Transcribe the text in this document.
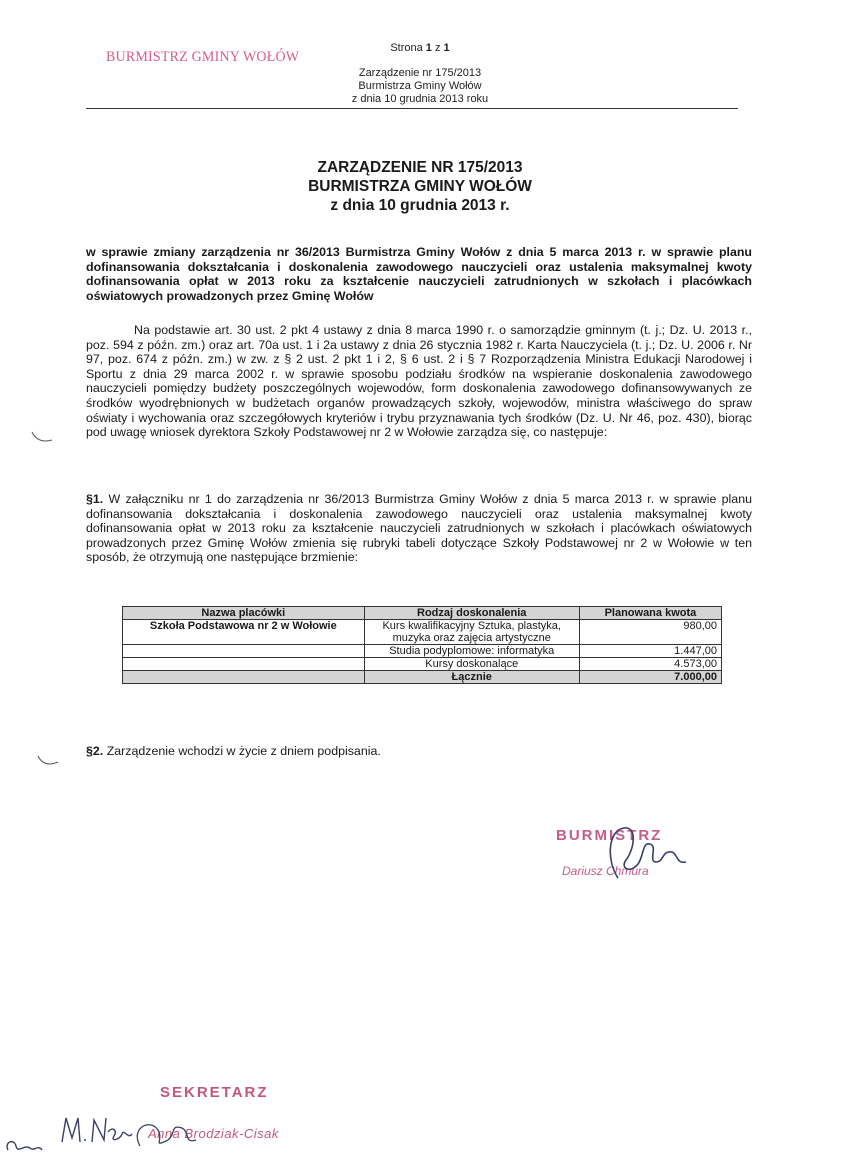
BURMISTRZ GMINY WOŁÓW
Strona 1 z 1
Zarządzenie nr 175/2013
Burmistrza Gminy Wołów
z dnia 10 grudnia 2013 roku
ZARZĄDZENIE NR 175/2013
BURMISTRZA GMINY WOŁÓW
z dnia 10 grudnia 2013 r.
w sprawie zmiany zarządzenia nr 36/2013 Burmistrza Gminy Wołów z dnia 5 marca 2013 r. w sprawie planu dofinansowania dokształcania i doskonalenia zawodowego nauczycieli oraz ustalenia maksymalnej kwoty dofinansowania opłat w 2013 roku za kształcenie nauczycieli zatrudnionych w szkołach i placówkach oświatowych prowadzonych przez Gminę Wołów
Na podstawie art. 30 ust. 2 pkt 4 ustawy z dnia 8 marca 1990 r. o samorządzie gminnym (t. j.; Dz. U. 2013 r., poz. 594 z późn. zm.) oraz art. 70a ust. 1 i 2a ustawy z dnia 26 stycznia 1982 r. Karta Nauczyciela (t. j.; Dz. U. 2006 r. Nr 97, poz. 674 z późn. zm.) w zw. z § 2 ust. 2 pkt 1 i 2, § 6 ust. 2 i § 7 Rozporządzenia Ministra Edukacji Narodowej i Sportu z dnia 29 marca 2002 r. w sprawie sposobu podziału środków na wspieranie doskonalenia zawodowego nauczycieli pomiędzy budżety poszczególnych wojewodów, form doskonalenia zawodowego dofinansowywanych ze środków wyodrębnionych w budżetach organów prowadzących szkoły, wojewodów, ministra właściwego do spraw oświaty i wychowania oraz szczegółowych kryteriów i trybu przyznawania tych środków (Dz. U. Nr 46, poz. 430), biorąc pod uwagę wniosek dyrektora Szkoły Podstawowej nr 2 w Wołowie zarządza się, co następuje:
§1. W załączniku nr 1 do zarządzenia nr 36/2013 Burmistrza Gminy Wołów z dnia 5 marca 2013 r. w sprawie planu dofinansowania dokształcania i doskonalenia zawodowego nauczycieli oraz ustalenia maksymalnej kwoty dofinansowania opłat w 2013 roku za kształcenie nauczycieli zatrudnionych w szkołach i placówkach oświatowych prowadzonych przez Gminę Wołów zmienia się rubryki tabeli dotyczące Szkoły Podstawowej nr 2 w Wołowie w ten sposób, że otrzymują one następujące brzmienie:
Nazwa placówki	Rodzaj doskonalenia	Planowana kwota
Szkoła Podstawowa nr 2 w Wołowie	Kurs kwalifikacyjny Sztuka, plastyka, muzyka oraz zajęcia artystyczne	980,00
	Studia podyplomowe: informatyka	1.447,00
	Kursy doskonalące	4.573,00
	Łącznie	7.000,00
§2. Zarządzenie wchodzi w życie z dniem podpisania.
BURMISTRZ
Dariusz Chmura
SEKRETARZ
Anna Brodziak-Cisak
